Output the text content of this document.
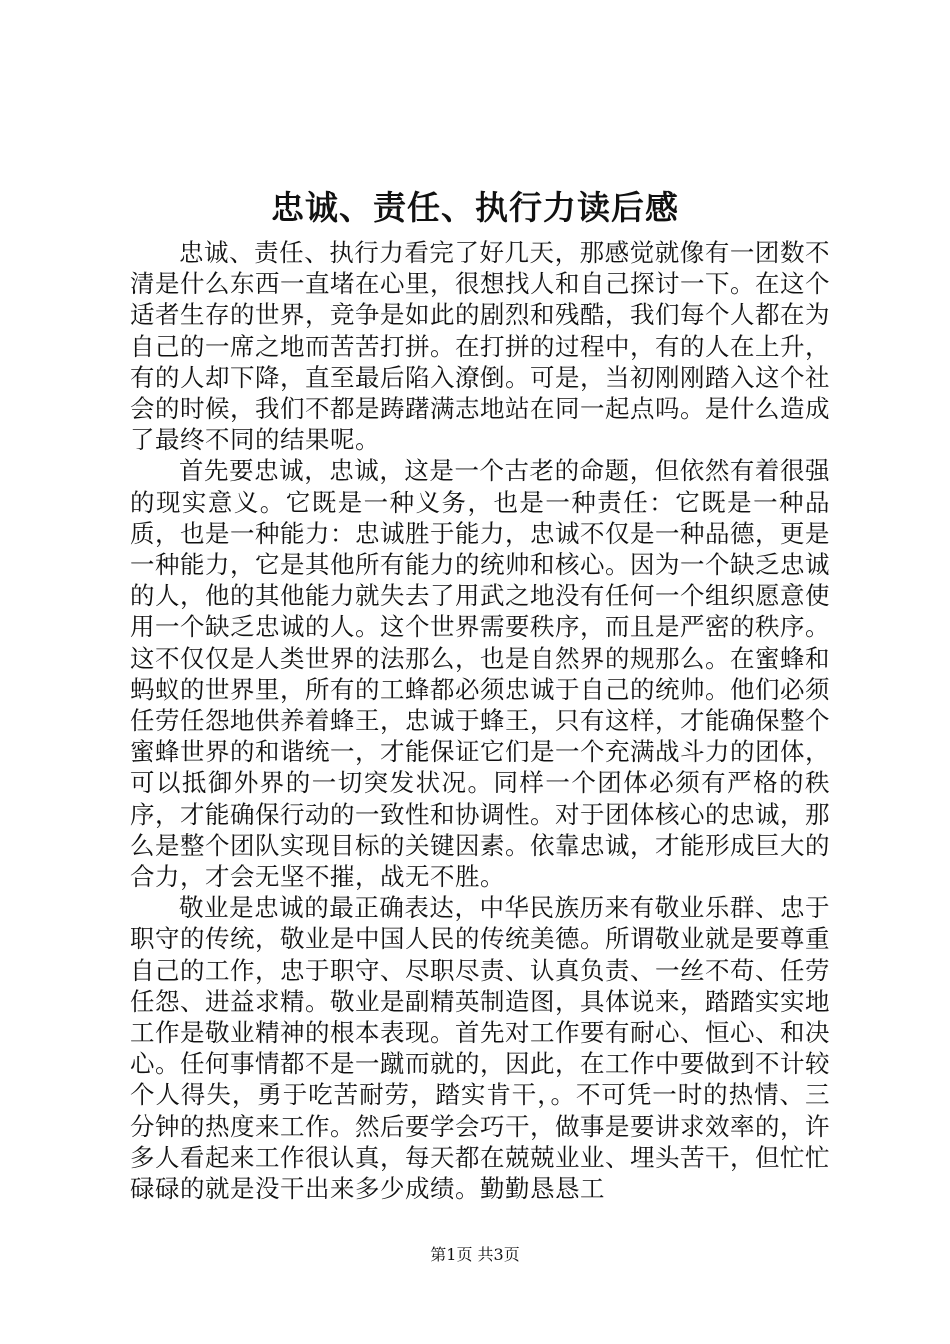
忠诚、责任、执行力读后感

忠诚、责任、执行力看完了好几天，那感觉就像有一团数不清是什么东西一直堵在心里，很想找人和自己探讨一下。在这个适者生存的世界，竞争是如此的剧烈和残酷，我们每个人都在为自己的一席之地而苦苦打拼。在打拼的过程中，有的人在上升，有的人却下降，直至最后陷入潦倒。可是，当初刚刚踏入这个社会的时候，我们不都是踌躇满志地站在同一起点吗。是什么造成了最终不同的结果呢。

首先要忠诚，忠诚，这是一个古老的命题，但依然有着很强的现实意义。它既是一种义务，也是一种责任：它既是一种品质，也是一种能力：忠诚胜于能力，忠诚不仅是一种品德，更是一种能力，它是其他所有能力的统帅和核心。因为一个缺乏忠诚的人，他的其他能力就失去了用武之地没有任何一个组织愿意使用一个缺乏忠诚的人。这个世界需要秩序，而且是严密的秩序。这不仅仅是人类世界的法那么，也是自然界的规那么。在蜜蜂和蚂蚁的世界里，所有的工蜂都必须忠诚于自己的统帅。他们必须任劳任怨地供养着蜂王，忠诚于蜂王，只有这样，才能确保整个蜜蜂世界的和谐统一，才能保证它们是一个充满战斗力的团体，可以抵御外界的一切突发状况。同样一个团体必须有严格的秩序，才能确保行动的一致性和协调性。对于团体核心的忠诚，那么是整个团队实现目标的关键因素。依靠忠诚，才能形成巨大的合力，才会无坚不摧，战无不胜。

敬业是忠诚的最正确表达，中华民族历来有敬业乐群、忠于职守的传统，敬业是中国人民的传统美德。所谓敬业就是要尊重自己的工作，忠于职守、尽职尽责、认真负责、一丝不苟、任劳任怨、进益求精。敬业是副精英制造图，具体说来，踏踏实实地工作是敬业精神的根本表现。首先对工作要有耐心、恒心、和决心。任何事情都不是一蹴而就的，因此，在工作中要做到不计较个人得失，勇于吃苦耐劳，踏实肯干，。不可凭一时的热情、三分钟的热度来工作。然后要学会巧干，做事是要讲求效率的，许多人看起来工作很认真，每天都在兢兢业业、埋头苦干，但忙忙碌碌的就是没干出来多少成绩。勤勤恳恳工

第1页 共3页
